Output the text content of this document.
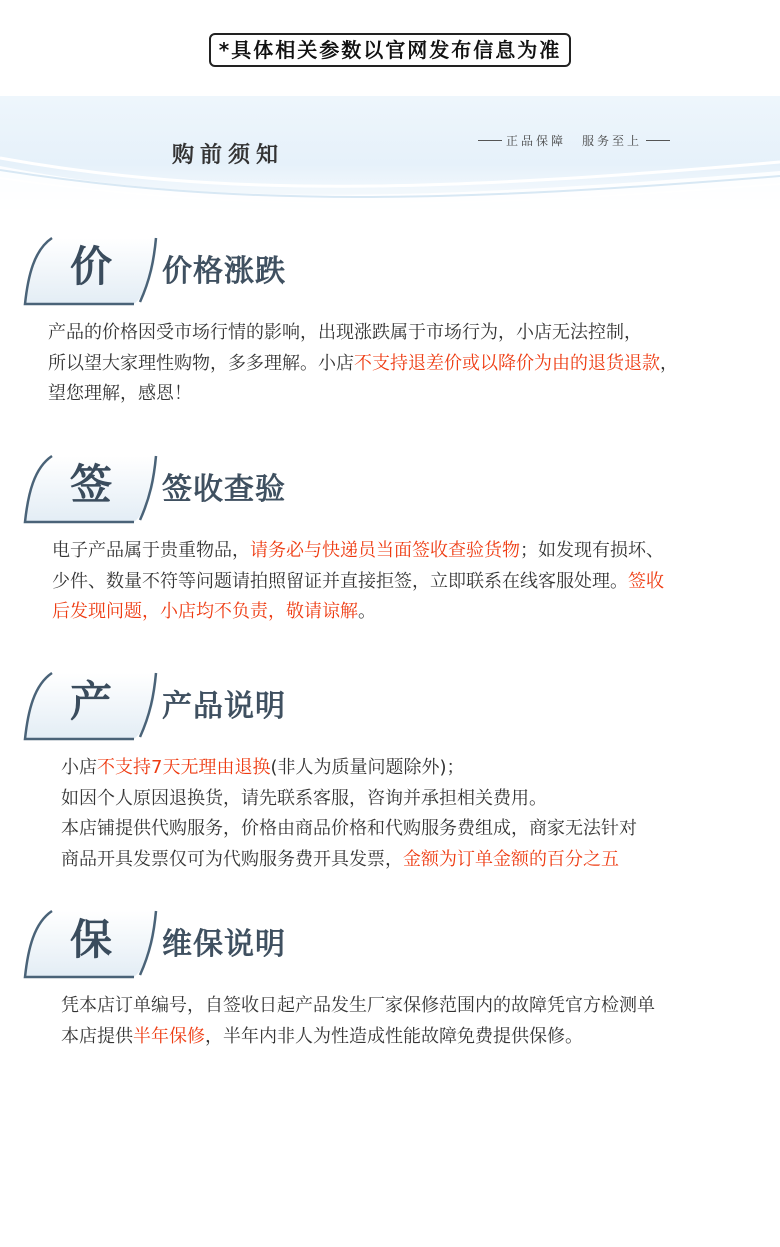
*具体相关参数以官网发布信息为准
购前须知
正品保障 服务至上
价 价格涨跌
产品的价格因受市场行情的影响，出现涨跌属于市场行为，小店无法控制，
所以望大家理性购物，多多理解。小店不支持退差价或以降价为由的退货退款，
望您理解，感恩！
签 签收查验
电子产品属于贵重物品，请务必与快递员当面签收查验货物；如发现有损坏、
少件、数量不符等问题请拍照留证并直接拒签，立即联系在线客服处理。签收
后发现问题，小店均不负责，敬请谅解。
产 产品说明
小店不支持7天无理由退换(非人为质量问题除外)；
如因个人原因退换货，请先联系客服，咨询并承担相关费用。
本店铺提供代购服务，价格由商品价格和代购服务费组成，商家无法针对
商品开具发票仅可为代购服务费开具发票，金额为订单金额的百分之五
保 维保说明
凭本店订单编号，自签收日起产品发生厂家保修范围内的故障凭官方检测单
本店提供半年保修，半年内非人为性造成性能故障免费提供保修。
